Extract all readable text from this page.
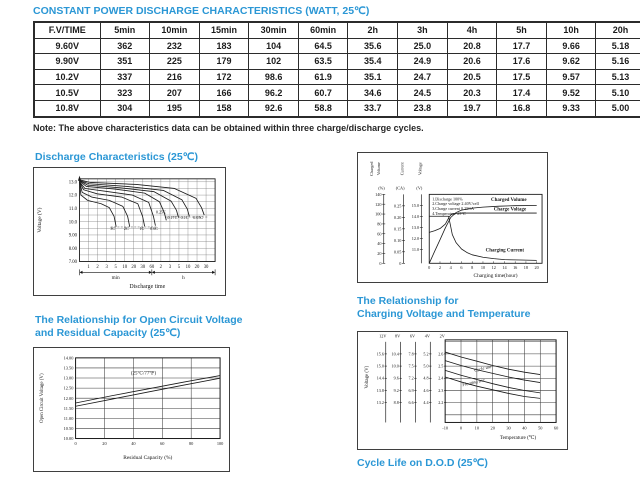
CONSTANT POWER DISCHARGE CHARACTERISTICS (WATT, 25℃)
F.V/TIME	5min	10min	15min	30min	60min	2h	3h	4h	5h	10h	20h
9.60V	362	232	183	104	64.5	35.6	25.0	20.8	17.7	9.66	5.18
9.90V	351	225	179	102	63.5	35.4	24.9	20.6	17.6	9.62	5.16
10.2V	337	216	172	98.6	61.9	35.1	24.7	20.5	17.5	9.57	5.13
10.5V	323	207	166	96.2	60.7	34.6	24.5	20.3	17.4	9.52	5.10
10.8V	304	195	158	92.6	58.8	33.7	23.8	19.7	16.8	9.33	5.00
Note: The above characteristics data can be obtained within three charge/discharge cycles.
Discharge Characteristics (25℃)
13.0
12.0
11.0
10.0
9.00
8.00
7.00
Voltage (V)
1 2 3 5 10 20 30 60 2 3 5 10 20 30
3C 2C	1C 0.6C
0.25C
0.17C 0.1C 0.05C
min	h
Discharge time
140
120
100
80
60
40
20
0
(%)
Charged Volume
0.25
0.20
0.15
0.10
0.05
0
(CA)
Current
15.0
14.0
13.0
12.0
11.0
(V)
Voltage
0 2 4 6 8 10 12 14 16 18 20
Charging time(hour)
1.Discharge 100%
2.Charge voltage 2.40V/cell
3.Charge current 0.25CA
4.Temperature 25℃
Charged Volume
Charge Voltage
Charging Current
The Relationship for
Charging Voltage and Temperature
The Relationship for Open Circuit Voltage
and Residual Capacity (25℃)
14.00
13.50
13.00
12.50
12.00
11.50
11.00
10.50
10.00
0	20	40	60	80	100
Open Circuit Voltage (V)
Residual Capacity (%)
(25℃/77℉)
-10	0	10	20	30	40	50	60
12V
15.6
15.0
14.4
13.8
13.2
8V
10.4
10.0
9.6
9.2
8.8
6V
7.8
7.5
7.2
6.9
6.6
4V
5.2
5.0
4.8
4.6
4.4
2V
2.6
2.5
2.4
2.3
2.2
Voltage (V)
Temperature (℃)
Cycle use
Floating use
Cycle Life on D.O.D (25℃)
